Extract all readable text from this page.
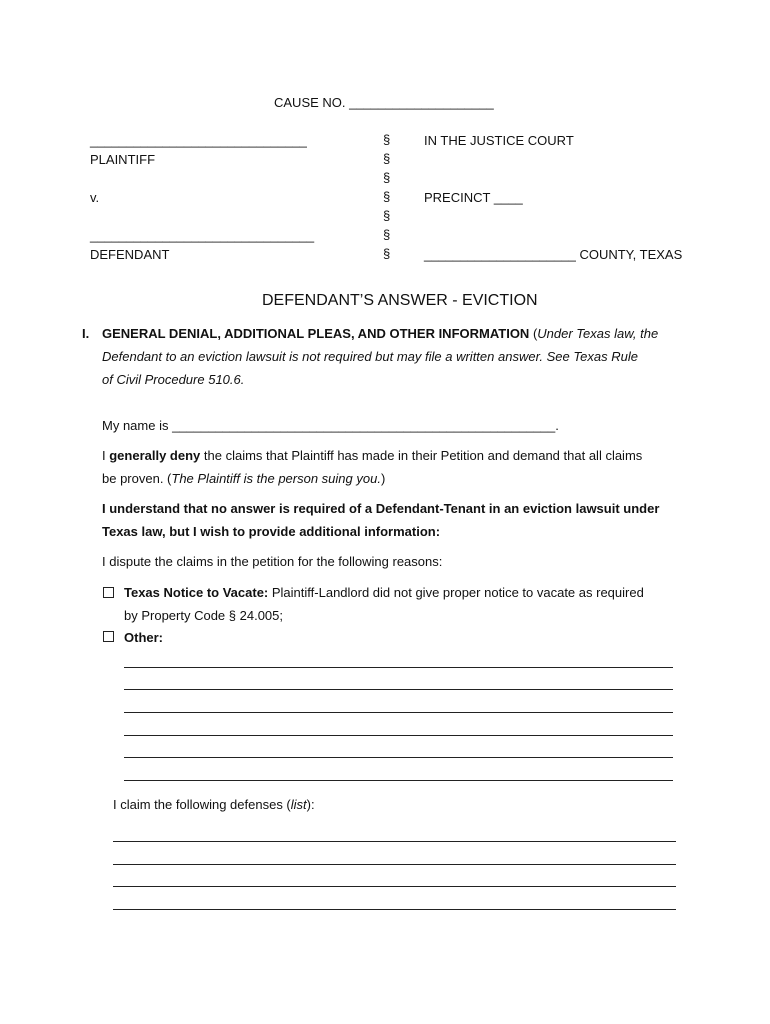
CAUSE NO. ____________________
______________________________
PLAINTIFF
v.
_______________________________
DEFENDANT
§
§
§
§
§
§
§
IN THE JUSTICE COURT
PRECINCT ____
_____________________ COUNTY, TEXAS
DEFENDANT’S ANSWER - EVICTION
I. GENERAL DENIAL, ADDITIONAL PLEAS, AND OTHER INFORMATION (Under Texas law, the
Defendant to an eviction lawsuit is not required but may file a written answer. See Texas Rule
of Civil Procedure 510.6.
My name is _____________________________________________________.
I generally deny the claims that Plaintiff has made in their Petition and demand that all claims
be proven. (The Plaintiff is the person suing you.)
I understand that no answer is required of a Defendant-Tenant in an eviction lawsuit under
Texas law, but I wish to provide additional information:
I dispute the claims in the petition for the following reasons:
Texas Notice to Vacate: Plaintiff-Landlord did not give proper notice to vacate as required
by Property Code § 24.005;
Other:
I claim the following defenses (list):
